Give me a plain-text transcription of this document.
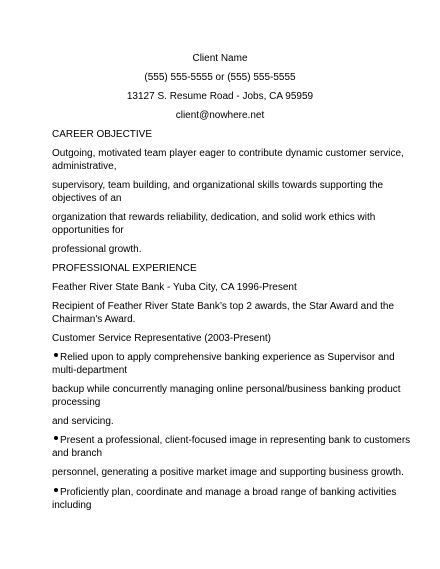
Client Name
(555) 555-5555 or (555) 555-5555
13127 S. Resume Road - Jobs, CA 95959
client@nowhere.net
CAREER OBJECTIVE
Outgoing, motivated team player eager to contribute dynamic customer service,
administrative,
supervisory, team building, and organizational skills towards supporting the
objectives of an
organization that rewards reliability, dedication, and solid work ethics with
opportunities for
professional growth.
PROFESSIONAL EXPERIENCE
Feather River State Bank - Yuba City, CA 1996-Present
Recipient of Feather River State Bank’s top 2 awards, the Star Award and the
Chairman's Award.
Customer Service Representative (2003-Present)
Relied upon to apply comprehensive banking experience as Supervisor and
multi-department
backup while concurrently managing online personal/business banking product
processing
and servicing.
Present a professional, client-focused image in representing bank to customers
and branch
personnel, generating a positive market image and supporting business growth.
Proficiently plan, coordinate and manage a broad range of banking activities
including
